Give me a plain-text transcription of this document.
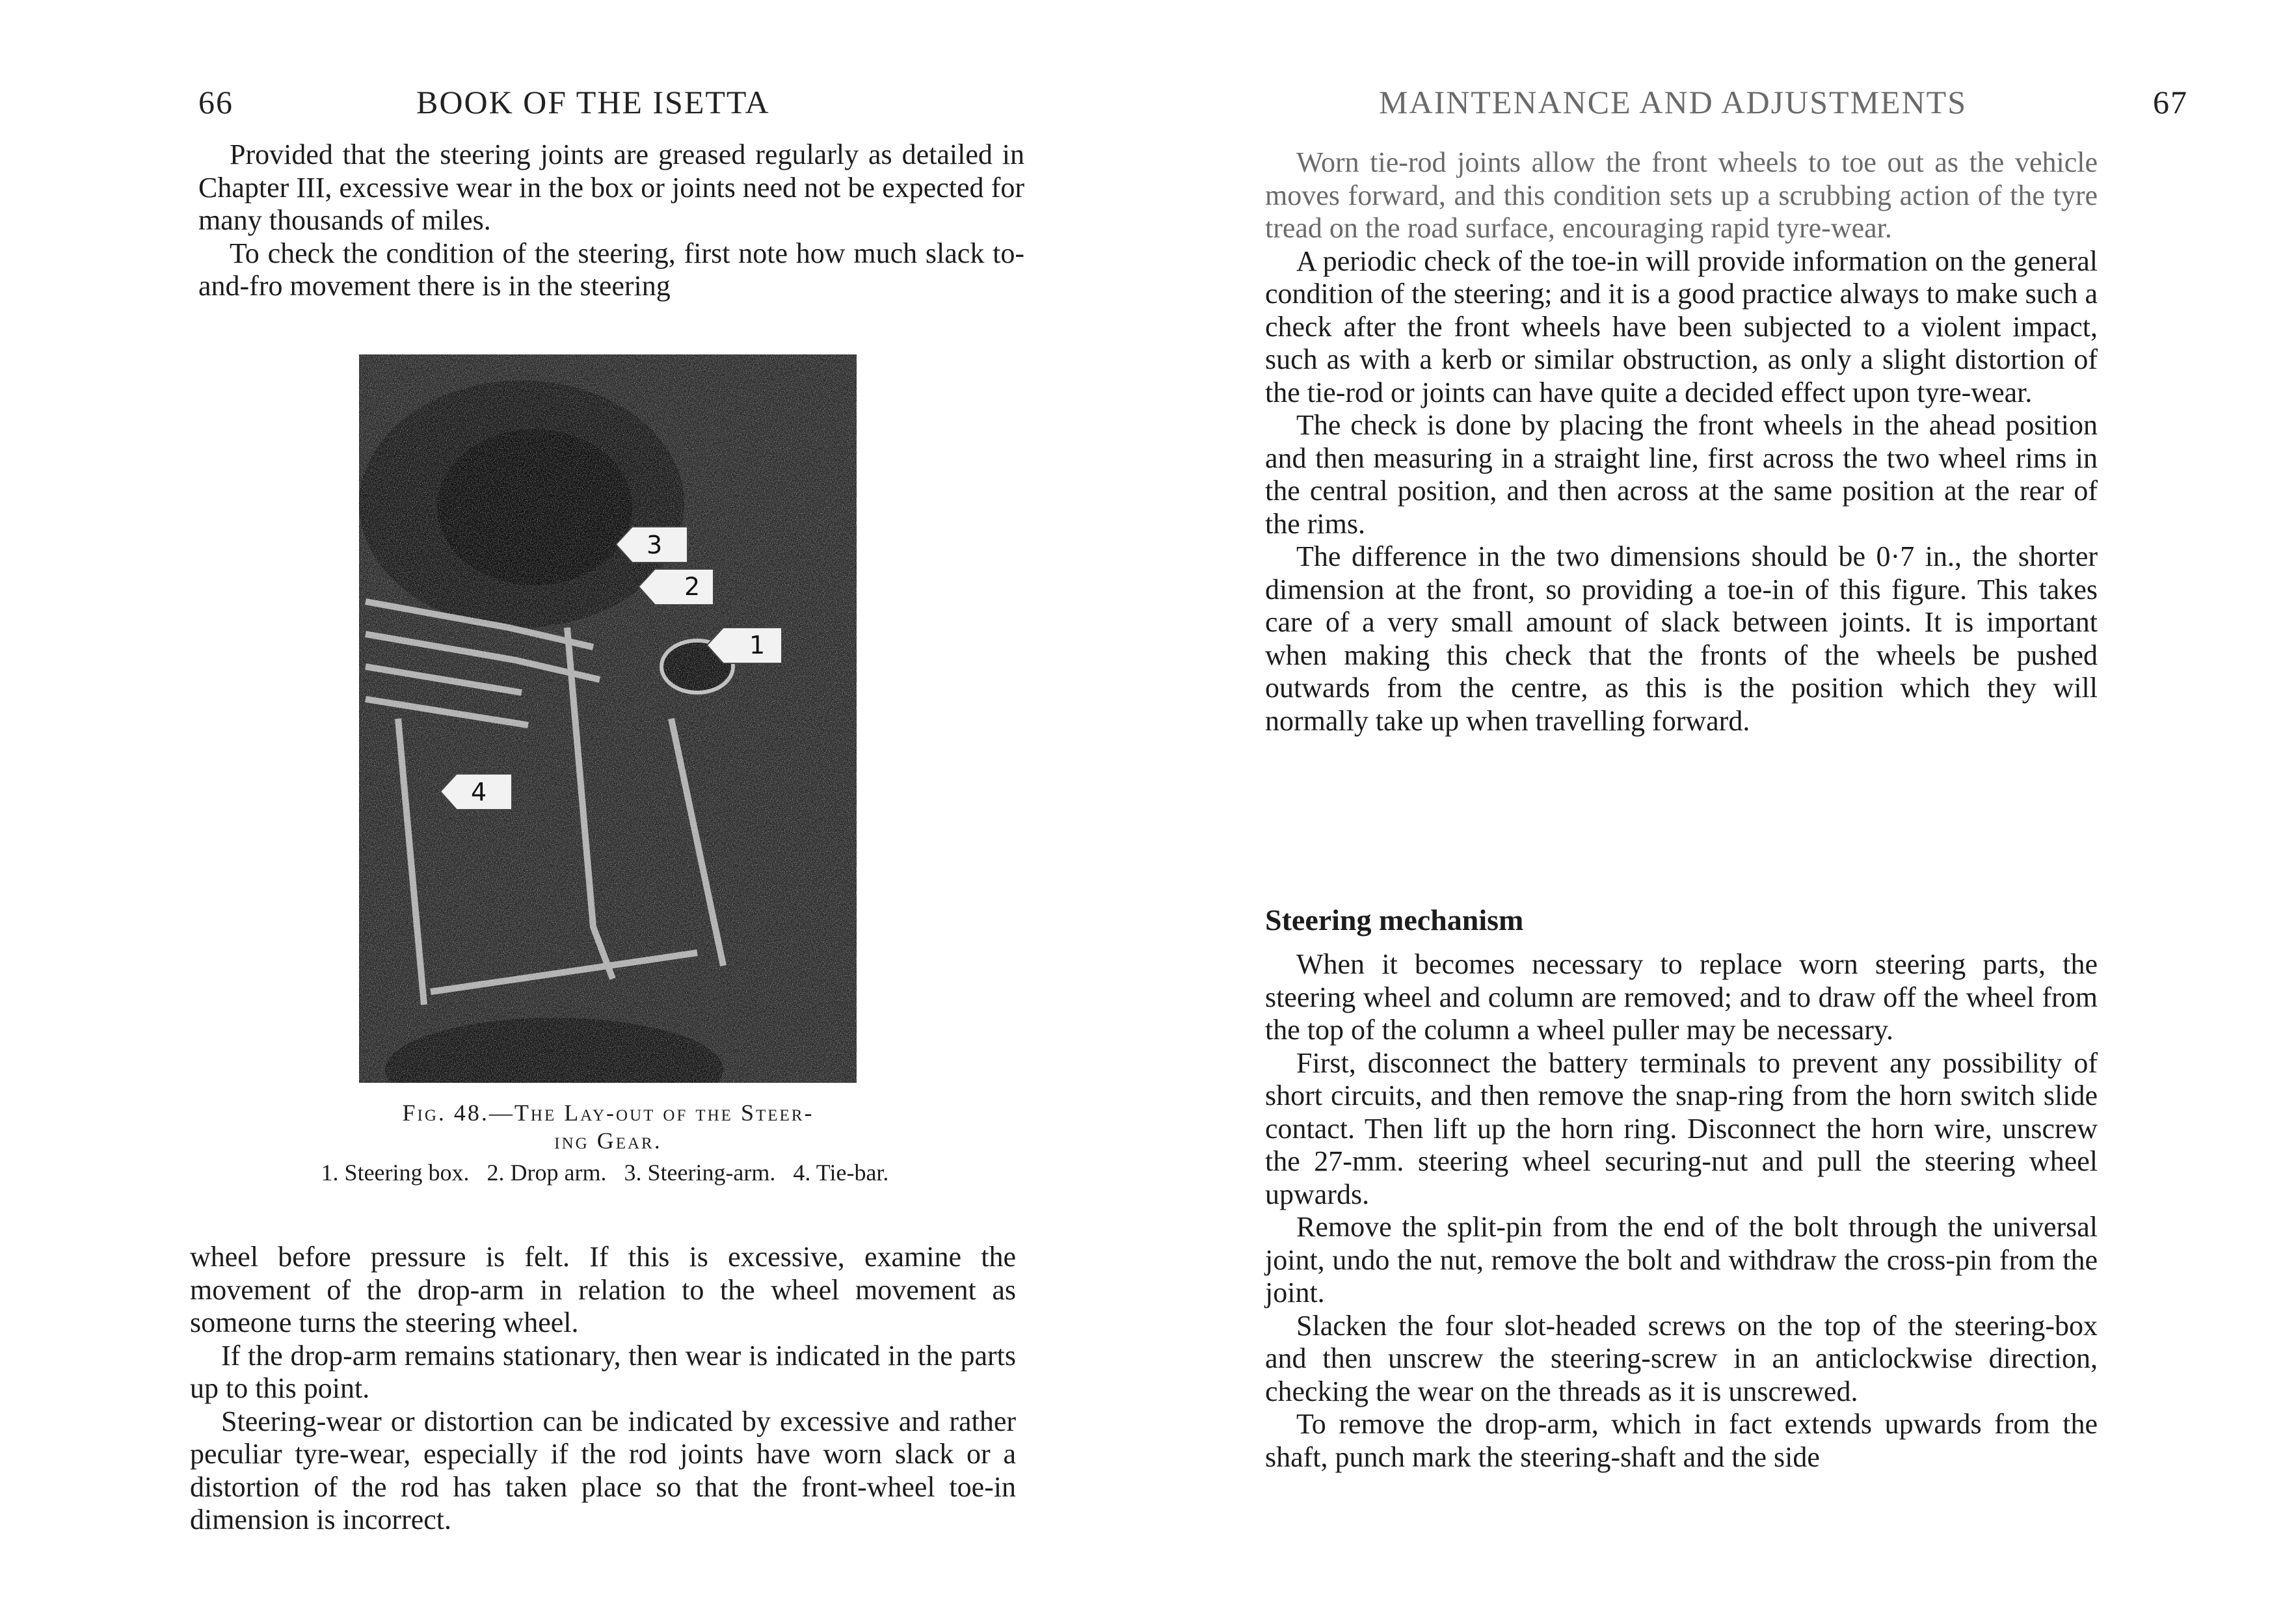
66	BOOK OF THE ISETTA

Provided that the steering joints are greased regularly as detailed in Chapter III, excessive wear in the box or joints need not be expected for many thousands of miles.

To check the condition of the steering, first note how much slack to-and-fro movement there is in the steering

3
2
1
4
Fig. 48.—The Lay-out of the Steer-
ing Gear.
1. Steering box.   2. Drop arm.   3. Steering-arm.   4. Tie-bar.

wheel before pressure is felt. If this is excessive, examine the movement of the drop-arm in relation to the wheel movement as someone turns the steering wheel.

If the drop-arm remains stationary, then wear is indicated in the parts up to this point.

Steering-wear or distortion can be indicated by excessive and rather peculiar tyre-wear, especially if the rod joints have worn slack or a distortion of the rod has taken place so that the front-wheel toe-in dimension is incorrect.

MAINTENANCE AND ADJUSTMENTS	67

Worn tie-rod joints allow the front wheels to toe out as the vehicle moves forward, and this condition sets up a scrubbing action of the tyre tread on the road surface, encouraging rapid tyre-wear.

A periodic check of the toe-in will provide information on the general condition of the steering; and it is a good practice always to make such a check after the front wheels have been subjected to a violent impact, such as with a kerb or similar obstruction, as only a slight distortion of the tie-rod or joints can have quite a decided effect upon tyre-wear.

The check is done by placing the front wheels in the ahead position and then measuring in a straight line, first across the two wheel rims in the central position, and then across at the same position at the rear of the rims.

The difference in the two dimensions should be 0·7 in., the shorter dimension at the front, so providing a toe-in of this figure. This takes care of a very small amount of slack between joints. It is important when making this check that the fronts of the wheels be pushed outwards from the centre, as this is the position which they will normally take up when travelling forward.

Steering mechanism

When it becomes necessary to replace worn steering parts, the steering wheel and column are removed; and to draw off the wheel from the top of the column a wheel puller may be necessary.

First, disconnect the battery terminals to prevent any possibility of short circuits, and then remove the snap-ring from the horn switch slide contact. Then lift up the horn ring. Disconnect the horn wire, unscrew the 27-mm. steering wheel securing-nut and pull the steering wheel upwards.

Remove the split-pin from the end of the bolt through the universal joint, undo the nut, remove the bolt and withdraw the cross-pin from the joint.

Slacken the four slot-headed screws on the top of the steering-box and then unscrew the steering-screw in an anticlockwise direction, checking the wear on the threads as it is unscrewed.

To remove the drop-arm, which in fact extends upwards from the shaft, punch mark the steering-shaft and the side
